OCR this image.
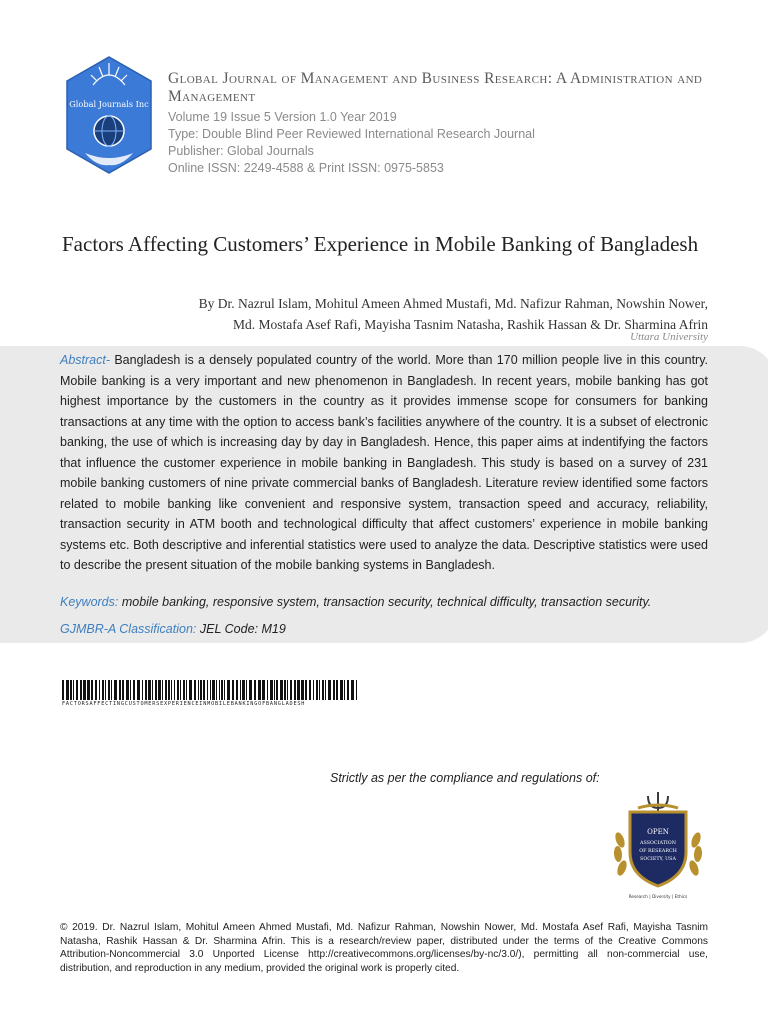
Global Journals Inc
Global Journal of Management and Business Research: A Administration and Management
Volume 19 Issue 5 Version 1.0 Year 2019
Type: Double Blind Peer Reviewed International Research Journal
Publisher: Global Journals
Online ISSN: 2249-4588 & Print ISSN: 0975-5853
Factors Affecting Customers’ Experience in Mobile Banking of Bangladesh
By Dr. Nazrul Islam, Mohitul Ameen Ahmed Mustafi, Md. Nafizur Rahman, Nowshin Nower,
Md. Mostafa Asef Rafi, Mayisha Tasnim Natasha, Rashik Hassan & Dr. Sharmina Afrin
Uttara University
Abstract- Bangladesh is a densely populated country of the world. More than 170 million people live in this country. Mobile banking is a very important and new phenomenon in Bangladesh. In recent years, mobile banking has got highest importance by the customers in the country as it provides immense scope for consumers for banking transactions at any time with the option to access bank’s facilities anywhere of the country. It is a subset of electronic banking, the use of which is increasing day by day in Bangladesh. Hence, this paper aims at indentifying the factors that influence the customer experience in mobile banking in Bangladesh. This study is based on a survey of 231 mobile banking customers of nine private commercial banks of Bangladesh. Literature review identified some factors related to mobile banking like convenient and responsive system, transaction speed and accuracy, reliability, transaction security in ATM booth and technological difficulty that affect customers’ experience in mobile banking systems etc. Both descriptive and inferential statistics were used to analyze the data. Descriptive statistics were used to describe the present situation of the mobile banking systems in Bangladesh.
Keywords: mobile banking, responsive system, transaction security, technical difficulty, transaction security.
GJMBR-A Classification: JEL Code: M19
FACTORSAFFECTINGCUSTOMERSEXPERIENCEINMOBILEBANKINGOFBANGLADESH
Strictly as per the compliance and regulations of:
OPEN
ASSOCIATION
OF RESEARCH
SOCIETY, USA
Research | Diversity | Ethics
© 2019. Dr. Nazrul Islam, Mohitul Ameen Ahmed Mustafi, Md. Nafizur Rahman, Nowshin Nower, Md. Mostafa Asef Rafi, Mayisha Tasnim Natasha, Rashik Hassan & Dr. Sharmina Afrin. This is a research/review paper, distributed under the terms of the Creative Commons Attribution-Noncommercial 3.0 Unported License http://creativecommons.org/licenses/by-nc/3.0/), permitting all non-commercial use, distribution, and reproduction in any medium, provided the original work is properly cited.
